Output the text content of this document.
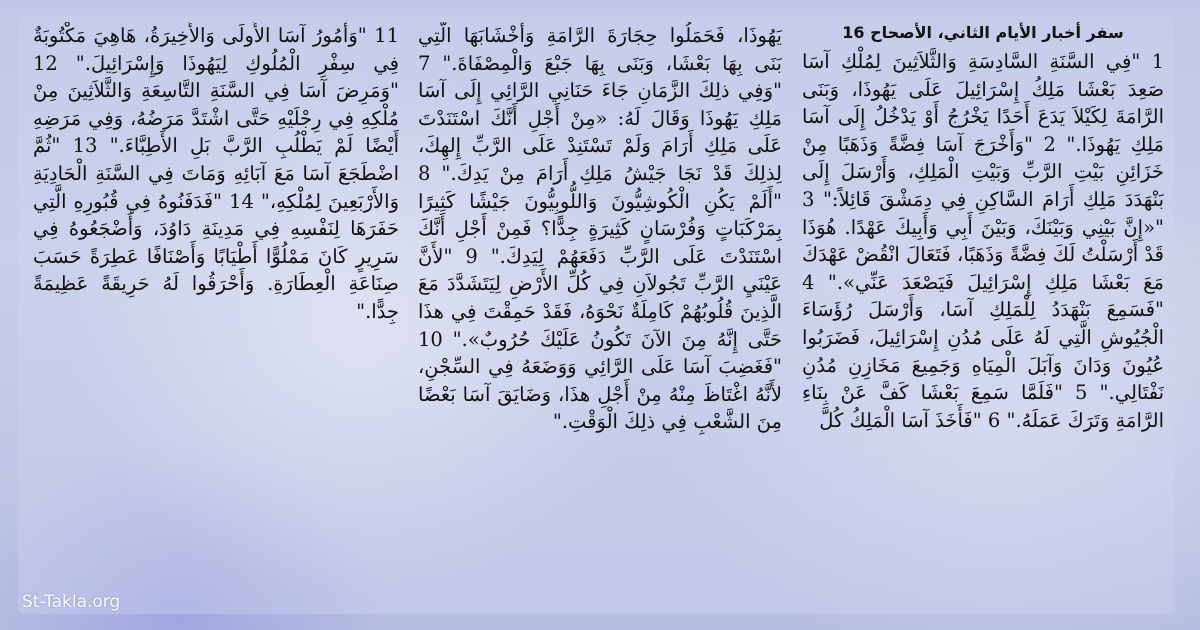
سفر أخبار الأيام الثاني، الأصحاح 16
1 "فِي السَّنَةِ السَّادِسَةِ وَالثَّلاَثِينَ لِمُلْكِ آسَا صَعِدَ بَعْشَا مَلِكُ إِسْرَائِيلَ عَلَى يَهُوذَا، وَبَنَى الرَّامَةَ لِكَيْلاَ يَدَعَ أَحَدًا يَخْرُجُ أَوْ يَدْخُلُ إِلَى آسَا مَلِكِ يَهُوذَا." 2 "وَأَخْرَجَ آسَا فِضَّةً وَذَهَبًا مِنْ خَزَائِنِ بَيْتِ الرَّبِّ وَبَيْتِ الْمَلِكِ، وَأَرْسَلَ إِلَى بَنْهَدَدَ مَلِكِ أَرَامَ السَّاكِنِ فِي دِمَشْقَ قَائِلاً:" 3 "«إِنَّ بَيْنِي وَبَيْنَكَ، وَبَيْنَ أَبِي وَأَبِيكَ عَهْدًا. هُوَذَا قَدْ أَرْسَلْتُ لَكَ فِضَّةً وَذَهَبًا، فَتَعَالَ انْقُضْ عَهْدَكَ مَعَ بَعْشَا مَلِكِ إِسْرَائِيلَ فَيَصْعَدَ عَنِّي»." 4 "فَسَمِعَ بَنْهَدَدُ لِلْمَلِكِ آسَا، وَأَرْسَلَ رُؤَسَاءَ الْجُيُوشِ الَّتِي لَهُ عَلَى مُدُنِ إِسْرَائِيلَ، فَضَرَبُوا عُيُونَ وَدَانَ وَآبَلَ الْمِيَاهِ وَجَمِيعَ مَخَازِنِ مُدُنِ نَفْتَالِي." 5 "فَلَمَّا سَمِعَ بَعْشَا كَفَّ عَنْ بِنَاءِ الرَّامَةِ وَتَرَكَ عَمَلَهُ." 6 "فَأَخَذَ آسَا الْمَلِكُ كُلَّ
يَهُوذَا، فَحَمَلُوا حِجَارَةَ الرَّامَةِ وَأَخْشَابَهَا الَّتِي بَنَى بِهَا بَعْشَا، وَبَنَى بِهَا جَبْعَ وَالْمِصْفَاةَ." 7 "وَفِي ذلِكَ الزَّمَانِ جَاءَ حَنَانِي الرَّائِي إِلَى آسَا مَلِكِ يَهُوذَا وَقَالَ لَهُ: «مِنْ أَجْلِ أَنَّكَ اسْتَنَدْتَ عَلَى مَلِكِ أَرَامَ وَلَمْ تَسْتَنِدْ عَلَى الرَّبِّ إِلهِكَ، لِذلِكَ قَدْ نَجَا جَيْشُ مَلِكِ أَرَامَ مِنْ يَدِكَ." 8 "أَلَمْ يَكُنِ الْكُوشِيُّونَ وَاللُّوبِيُّونَ جَيْشًا كَثِيرًا بِمَرْكَبَاتٍ وَفُرْسَانٍ كَثِيرَةٍ جِدًّا؟ فَمِنْ أَجْلِ أَنَّكَ اسْتَنَدْتَ عَلَى الرَّبِّ دَفَعَهُمْ لِيَدِكَ." 9 "لأَنَّ عَيْنَيِ الرَّبِّ تَجُولاَنِ فِي كُلِّ الأَرْضِ لِيَتَشَدَّدَ مَعَ الَّذِينَ قُلُوبُهُمْ كَامِلَةٌ نَحْوَهُ، فَقَدْ حَمِقْتَ فِي هذَا حَتَّى إِنَّهُ مِنَ الآنَ تَكُونُ عَلَيْكَ حُرُوبٌ»." 10 "فَغَضِبَ آسَا عَلَى الرَّائِي وَوَضَعَهُ فِي السِّجْنِ، لأَنَّهُ اغْتَاظَ مِنْهُ مِنْ أَجْلِ هذَا، وَضَايَقَ آسَا بَعْضًا مِنَ الشَّعْبِ فِي ذلِكَ الْوَقْتِ."
11 "وَأُمُورُ آسَا الأُولَى وَالأَخِيرَةُ، هَاهِيَ مَكْتُوبَةٌ فِي سِفْرِ الْمُلُوكِ لِيَهُوذَا وَإِسْرَائِيلَ." 12 "وَمَرِضَ آسَا فِي السَّنَةِ التَّاسِعَةِ وَالثَّلاَثِينَ مِنْ مُلْكِهِ فِي رِجْلَيْهِ حَتَّى اشْتَدَّ مَرَضُهُ، وَفِي مَرَضِهِ أَيْضًا لَمْ يَطْلُبِ الرَّبَّ بَلِ الأَطِبَّاءَ." 13 "ثُمَّ اضْطَجَعَ آسَا مَعَ آبَائِهِ وَمَاتَ فِي السَّنَةِ الْحَادِيَةِ وَالأَرْبَعِينَ لِمُلْكِهِ،" 14 "فَدَفَنُوهُ فِي قُبُورِهِ الَّتِي حَفَرَهَا لِنَفْسِهِ فِي مَدِينَةِ دَاوُدَ، وَأَضْجَعُوهُ فِي سَرِيرٍ كَانَ مَمْلُوًّا أَطْيَابًا وَأَصْنَافًا عَطِرَةً حَسَبَ صِنَاعَةِ الْعِطَارَةِ. وَأَحْرَقُوا لَهُ حَرِيقَةً عَظِيمَةً جِدًّا."
St-Takla.org
